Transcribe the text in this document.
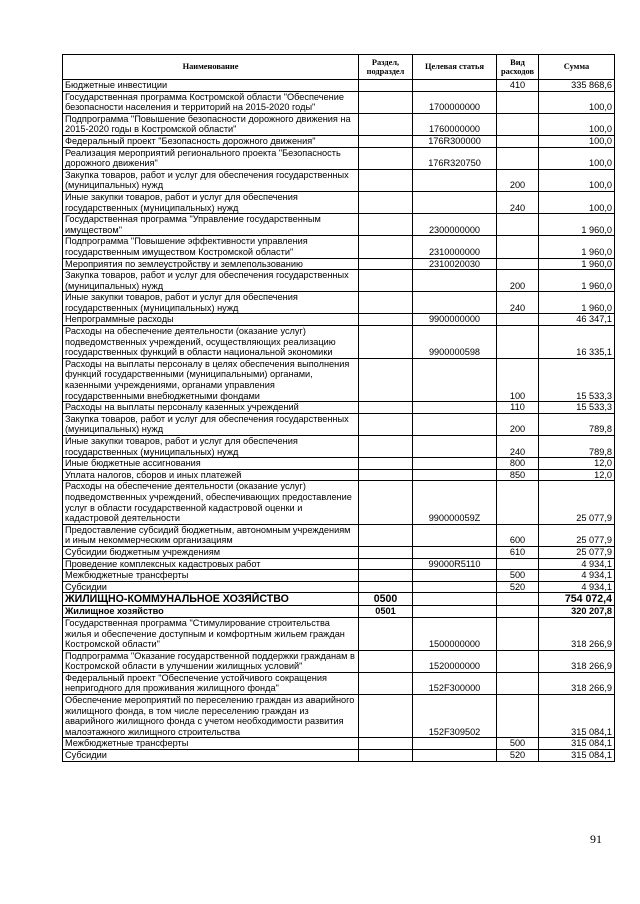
Наименование	Раздел, подраздел	Целевая статья	Вид расходов	Сумма
Бюджетные инвестиции			410	335 868,6
Государственная программа Костромской области "Обеспечение безопасности населения и территорий на 2015-2020 годы"		1700000000		100,0
Подпрограмма "Повышение безопасности дорожного движения на 2015-2020 годы в Костромской области"		1760000000		100,0
Федеральный проект "Безопасность дорожного движения"		176R300000		100,0
Реализация мероприятий регионального проекта "Безопасность дорожного движения"		176R320750		100,0
Закупка товаров, работ и услуг для обеспечения государственных (муниципальных) нужд			200	100,0
Иные закупки товаров, работ и услуг для обеспечения государственных (муниципальных) нужд			240	100,0
Государственная программа "Управление государственным имуществом"		2300000000		1 960,0
Подпрограмма "Повышение эффективности управления государственным имуществом Костромской области"		2310000000		1 960,0
Мероприятия по землеустройству и землепользованию		2310020030		1 960,0
Закупка товаров, работ и услуг для обеспечения государственных (муниципальных) нужд			200	1 960,0
Иные закупки товаров, работ и услуг для обеспечения государственных (муниципальных) нужд			240	1 960,0
Непрограммные расходы		9900000000		46 347,1
Расходы на обеспечение деятельности (оказание услуг) подведомственных учреждений, осуществляющих реализацию государственных функций в области национальной экономики		9900000598		16 335,1
Расходы на выплаты персоналу в целях обеспечения выполнения функций государственными (муниципальными) органами, казенными учреждениями, органами управления государственными внебюджетными фондами			100	15 533,3
Расходы на выплаты персоналу казенных учреждений			110	15 533,3
Закупка товаров, работ и услуг для обеспечения государственных (муниципальных) нужд			200	789,8
Иные закупки товаров, работ и услуг для обеспечения государственных (муниципальных) нужд			240	789,8
Иные бюджетные ассигнования			800	12,0
Уплата налогов, сборов и иных платежей			850	12,0
Расходы на обеспечение деятельности (оказание услуг) подведомственных учреждений, обеспечивающих предоставление услуг в области государственной кадастровой оценки и кадастровой деятельности		990000059Z		25 077,9
Предоставление субсидий бюджетным, автономным учреждениям и иным некоммерческим организациям			600	25 077,9
Субсидии бюджетным учреждениям			610	25 077,9
Проведение комплексных кадастровых работ		99000R5110		4 934,1
Межбюджетные трансферты			500	4 934,1
Субсидии			520	4 934,1
ЖИЛИЩНО-КОММУНАЛЬНОЕ ХОЗЯЙСТВО	0500			754 072,4
Жилищное хозяйство	0501			320 207,8
Государственная программа "Стимулирование строительства жилья и обеспечение доступным и комфортным жильем граждан Костромской области"		1500000000		318 266,9
Подпрограмма "Оказание государственной поддержки гражданам в Костромской области в улучшении жилищных условий"		1520000000		318 266,9
Федеральный проект "Обеспечение устойчивого сокращения непригодного для проживания жилищного фонда"		152F300000		318 266,9
Обеспечение мероприятий по переселению граждан из аварийного жилищного фонда, в том числе переселению граждан из аварийного жилищного фонда с учетом необходимости развития малоэтажного жилищного строительства		152F309502		315 084,1
Межбюджетные трансферты			500	315 084,1
Субсидии			520	315 084,1
91
